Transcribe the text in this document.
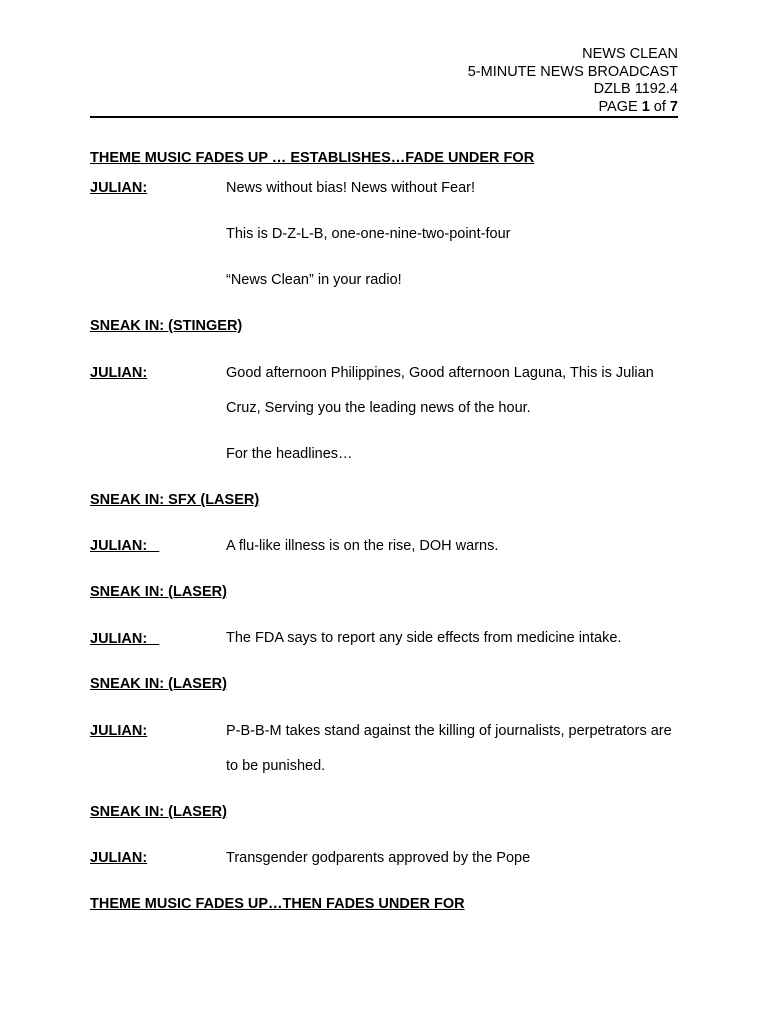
NEWS CLEAN
5-MINUTE NEWS BROADCAST
DZLB 1192.4
PAGE 1 of 7
THEME MUSIC FADES UP … ESTABLISHES…FADE UNDER FOR
JULIAN:	News without bias! News without Fear!
This is D-Z-L-B, one-one-nine-two-point-four
“News Clean” in your radio!
SNEAK IN: (STINGER)
JULIAN:	Good afternoon Philippines, Good afternoon Laguna, This is Julian Cruz, Serving you the leading news of the hour.
For the headlines…
SNEAK IN: SFX (LASER)
JULIAN:	A flu-like illness is on the rise, DOH warns.
SNEAK IN: (LASER)
JULIAN:	The FDA says to report any side effects from medicine intake.
SNEAK IN: (LASER)
JULIAN:	P-B-B-M takes stand against the killing of journalists, perpetrators are to be punished.
SNEAK IN: (LASER)
JULIAN:	Transgender godparents approved by the Pope
THEME MUSIC FADES UP…THEN FADES UNDER FOR
